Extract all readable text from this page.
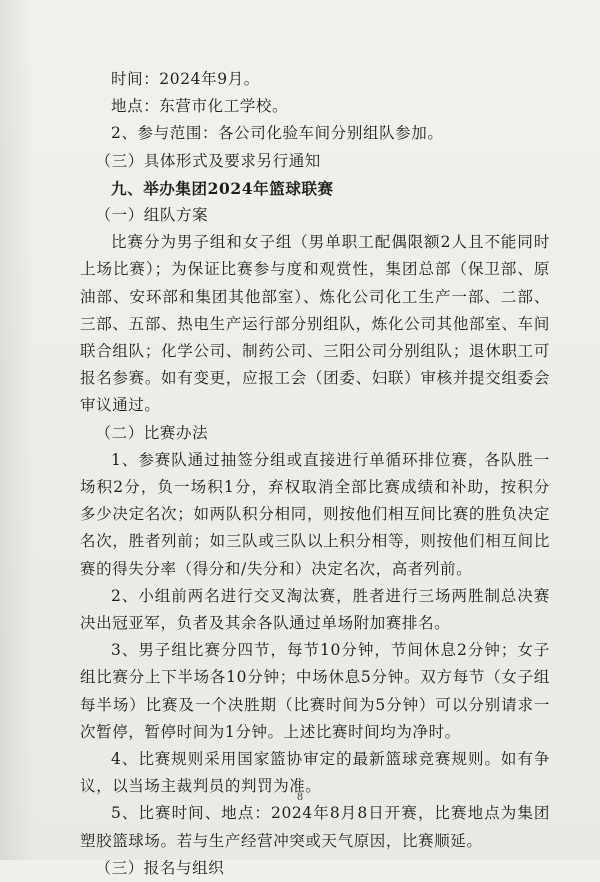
时间：2024年9月。

地点：东营市化工学校。

2、参与范围：各公司化验车间分别组队参加。

（三）具体形式及要求另行通知

九、举办集团2024年篮球联赛

（一）组队方案

比赛分为男子组和女子组（男单职工配偶限额2人且不能同时上场比赛）；为保证比赛参与度和观赏性，集团总部（保卫部、原油部、安环部和集团其他部室）、炼化公司化工生产一部、二部、三部、五部、热电生产运行部分别组队，炼化公司其他部室、车间联合组队；化学公司、制药公司、三阳公司分别组队；退休职工可报名参赛。如有变更，应报工会（团委、妇联）审核并提交组委会审议通过。

（二）比赛办法

1、参赛队通过抽签分组或直接进行单循环排位赛，各队胜一场积2分，负一场积1分，弃权取消全部比赛成绩和补助，按积分多少决定名次；如两队积分相同，则按他们相互间比赛的胜负决定名次，胜者列前；如三队或三队以上积分相等，则按他们相互间比赛的得失分率（得分和/失分和）决定名次，高者列前。

2、小组前两名进行交叉淘汰赛，胜者进行三场两胜制总决赛决出冠亚军，负者及其余各队通过单场附加赛排名。

3、男子组比赛分四节，每节10分钟，节间休息2分钟；女子组比赛分上下半场各10分钟；中场休息5分钟。双方每节（女子组每半场）比赛及一个决胜期（比赛时间为5分钟）可以分别请求一次暂停，暂停时间为1分钟。上述比赛时间均为净时。

4、比赛规则采用国家篮协审定的最新篮球竞赛规则。如有争议，以当场主裁判员的判罚为准。

5、比赛时间、地点：2024年8月8日开赛，比赛地点为集团塑胶篮球场。若与生产经营冲突或天气原因，比赛顺延。

（三）报名与组织

8
